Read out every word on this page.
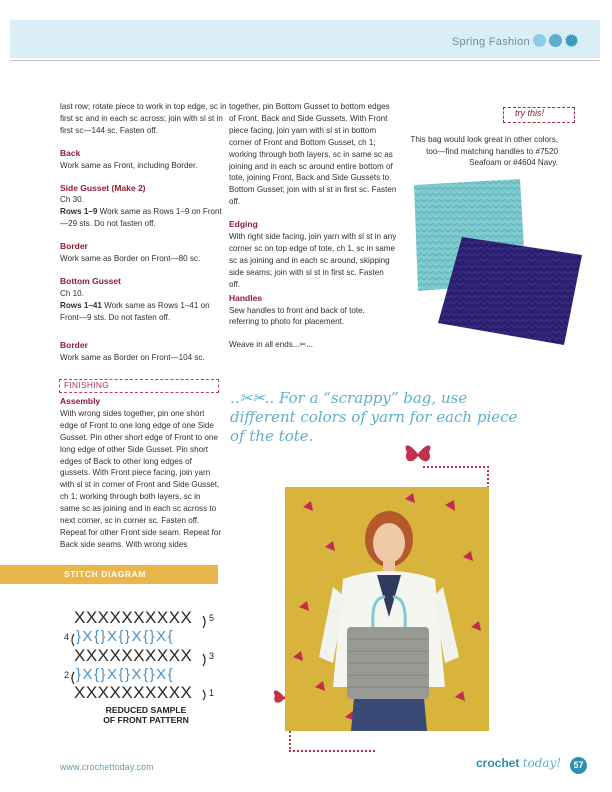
Spring Fashion

last row; rotate piece to work in top edge, sc in first sc and in each sc across; join with sl st in first sc—144 sc. Fasten off.

Back

Work same as Front, including Border.

Side Gusset (Make 2)

Ch 30.

Rows 1–9 Work same as Rows 1–9 on Front—29 sts. Do not fasten off.

Border

Work same as Border on Front—80 sc.

Bottom Gusset

Ch 10.

Rows 1–41 Work same as Rows 1–41 on Front—9 sts. Do not fasten off.

Border

Work same as Border on Front—104 sc.

FINISHING

Assembly

With wrong sides together, pin one short edge of Front to one long edge of one Side Gusset. Pin other short edge of Front to one long edge of other Side Gusset. Pin short edges of Back to other long edges of gussets. With Front piece facing, join yarn with sl st in corner of Front and Side Gusset, ch 1; working through both layers, sc in same sc as joining and in each sc across to next corner, sc in corner sc. Fasten off. Repeat for other Front side seam. Repeat for Back side seams. With wrong sides

together, pin Bottom Gusset to bottom edges of Front, Back and Side Gussets. With Front piece facing, join yarn with sl st in bottom corner of Front and Bottom Gusset, ch 1; working through both layers, sc in same sc as joining and in each sc around entire bottom of tote, joining Front, Back and Side Gussets to Bottom Gusset; join with sl st in first sc. Fasten off.

Edging

With right side facing, join yarn with sl st in any corner sc on top edge of tote, ch 1, sc in same sc as joining and in each sc around, skipping side seams; join with sl st in first sc. Fasten off.

Handles

Sew handles to front and back of tote, referring to photo for placement.

Weave in all ends...✂...

try this!
This bag would look great in other colors, too—find matching handles to #7520 Seafoam or #4604 Navy.
..✂✂.. For a “scrappy” bag, use different colors of yarn for each piece of the tote.
STITCH DIAGRAM
XXXXXXXXXX
XXXXXXXXXX
XXXXXXXXXX
}X{}X{}X{}X{
}X{}X{}X{}X{
5
4
3
2
1
REDUCED SAMPLE
OF FRONT PATTERN
www.crochettoday.com	crochet today!	57
